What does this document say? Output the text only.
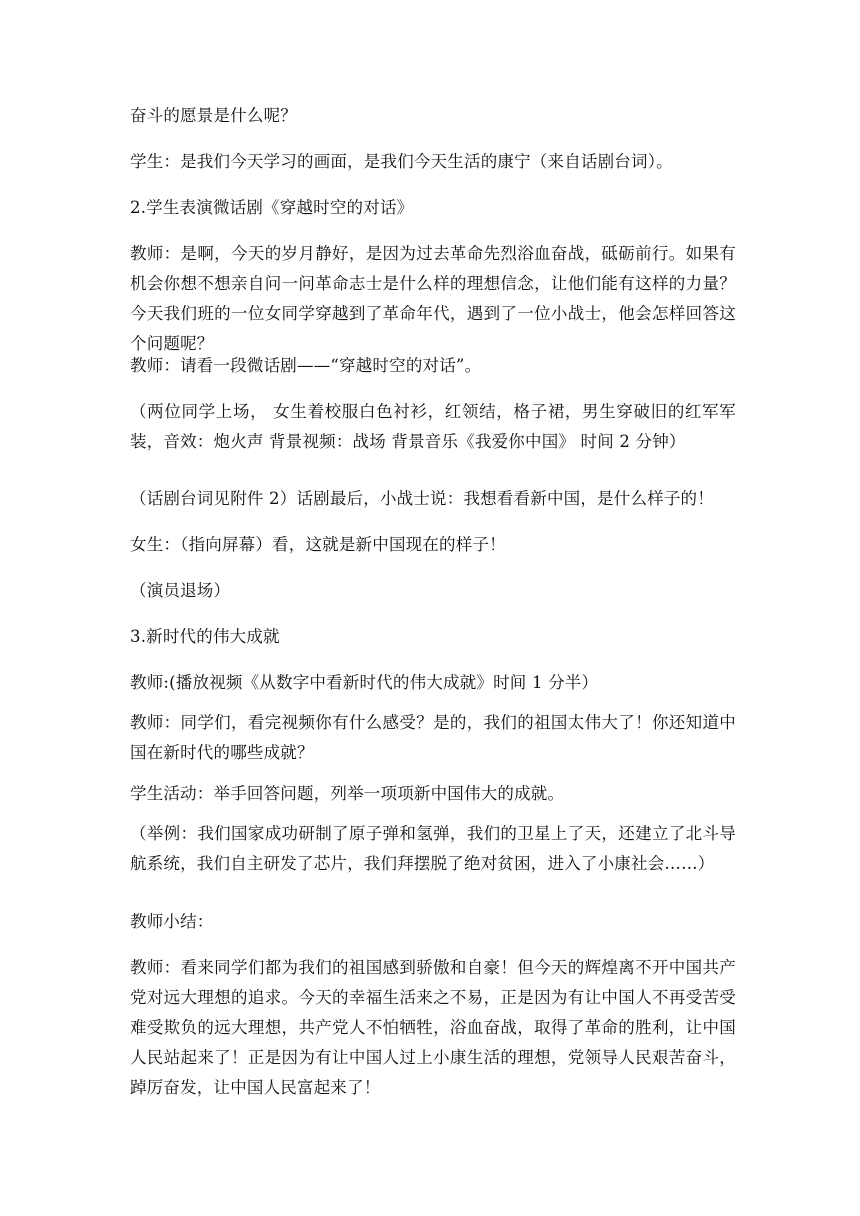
奋斗的愿景是什么呢？

学生：是我们今天学习的画面，是我们今天生活的康宁（来自话剧台词）。

2.学生表演微话剧《穿越时空的对话》

教师：是啊，今天的岁月静好，是因为过去革命先烈浴血奋战，砥砺前行。如果有机会你想不想亲自问一问革命志士是什么样的理想信念，让他们能有这样的力量？今天我们班的一位女同学穿越到了革命年代，遇到了一位小战士，他会怎样回答这个问题呢？

教师：请看一段微话剧——“穿越时空的对话”。

（两位同学上场， 女生着校服白色衬衫，红领结，格子裙，男生穿破旧的红军军装，音效：炮火声 背景视频：战场 背景音乐《我爱你中国》 时间 2 分钟）

（话剧台词见附件 2）话剧最后，小战士说：我想看看新中国，是什么样子的！

女生：（指向屏幕）看，这就是新中国现在的样子！

（演员退场）

3.新时代的伟大成就

教师:(播放视频《从数字中看新时代的伟大成就》时间 1 分半）

教师：同学们，看完视频你有什么感受？是的，我们的祖国太伟大了！你还知道中国在新时代的哪些成就？

学生活动：举手回答问题，列举一项项新中国伟大的成就。

（举例：我们国家成功研制了原子弹和氢弹，我们的卫星上了天，还建立了北斗导航系统，我们自主研发了芯片，我们拜摆脱了绝对贫困，进入了小康社会……）

教师小结：

教师：看来同学们都为我们的祖国感到骄傲和自豪！但今天的辉煌离不开中国共产党对远大理想的追求。今天的幸福生活来之不易，正是因为有让中国人不再受苦受难受欺负的远大理想，共产党人不怕牺牲，浴血奋战，取得了革命的胜利，让中国人民站起来了！正是因为有让中国人过上小康生活的理想，党领导人民艰苦奋斗，踔厉奋发，让中国人民富起来了！
